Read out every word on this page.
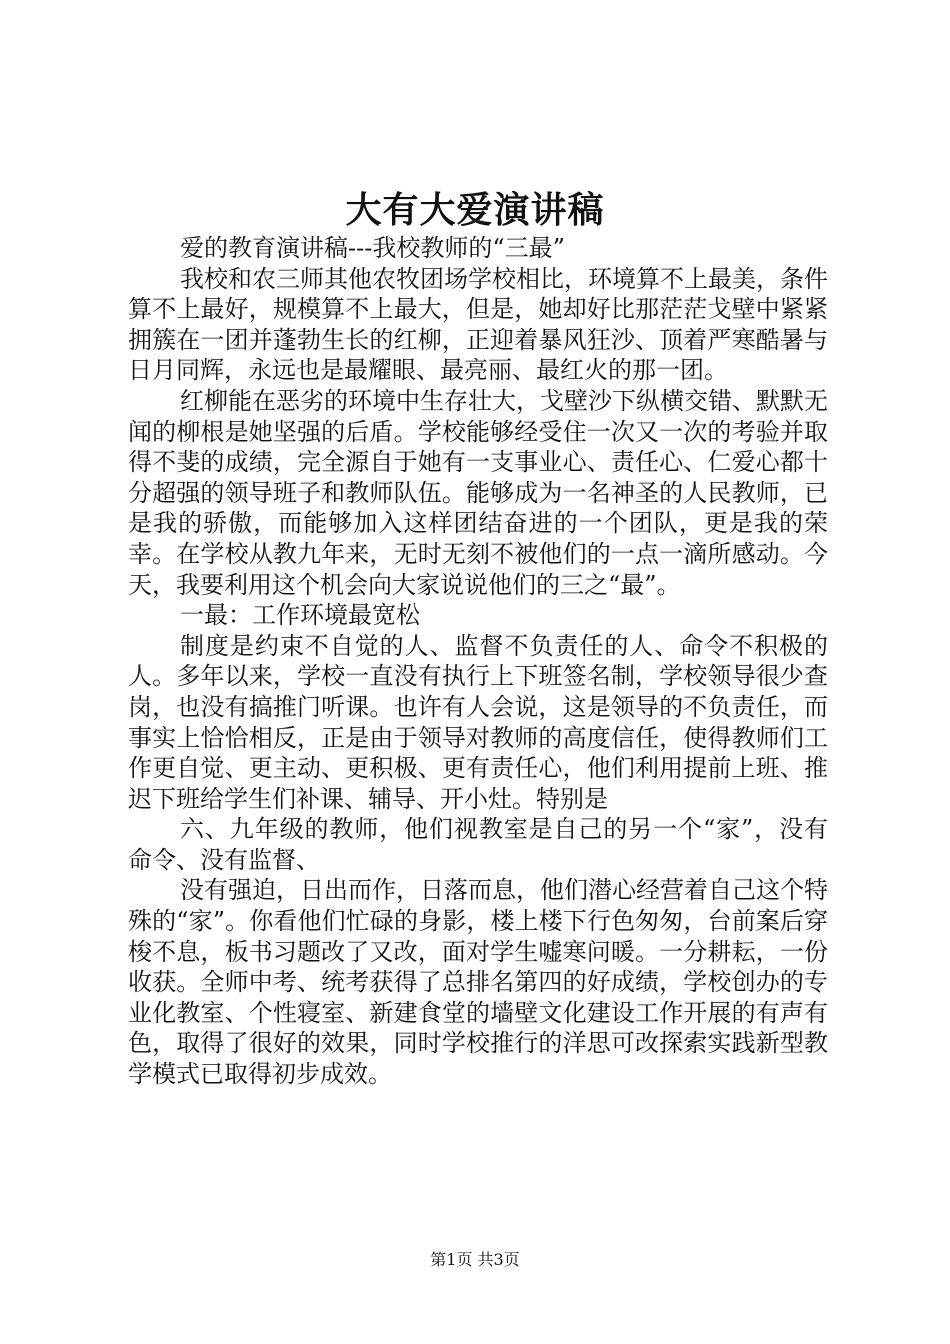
大有大爱演讲稿

爱的教育演讲稿---我校教师的“三最”

我校和农三师其他农牧团场学校相比，环境算不上最美，条件算不上最好，规模算不上最大，但是，她却好比那茫茫戈壁中紧紧拥簇在一团并蓬勃生长的红柳，正迎着暴风狂沙、顶着严寒酷暑与日月同辉，永远也是最耀眼、最亮丽、最红火的那一团。

红柳能在恶劣的环境中生存壮大，戈壁沙下纵横交错、默默无闻的柳根是她坚强的后盾。学校能够经受住一次又一次的考验并取得不斐的成绩，完全源自于她有一支事业心、责任心、仁爱心都十分超强的领导班子和教师队伍。能够成为一名神圣的人民教师，已是我的骄傲，而能够加入这样团结奋进的一个团队，更是我的荣幸。在学校从教九年来，无时无刻不被他们的一点一滴所感动。今天，我要利用这个机会向大家说说他们的三之“最”。

一最：工作环境最宽松

制度是约束不自觉的人、监督不负责任的人、命令不积极的人。多年以来，学校一直没有执行上下班签名制，学校领导很少查岗，也没有搞推门听课。也许有人会说，这是领导的不负责任，而事实上恰恰相反，正是由于领导对教师的高度信任，使得教师们工作更自觉、更主动、更积极、更有责任心，他们利用提前上班、推迟下班给学生们补课、辅导、开小灶。特别是

六、九年级的教师，他们视教室是自己的另一个“家”，没有命令、没有监督、

没有强迫，日出而作，日落而息，他们潜心经营着自己这个特殊的“家”。你看他们忙碌的身影，楼上楼下行色匆匆，台前案后穿梭不息，板书习题改了又改，面对学生嘘寒问暖。一分耕耘，一份收获。全师中考、统考获得了总排名第四的好成绩，学校创办的专业化教室、个性寝室、新建食堂的墙壁文化建设工作开展的有声有色，取得了很好的效果，同时学校推行的洋思可改探索实践新型教学模式已取得初步成效。

第1页 共3页
